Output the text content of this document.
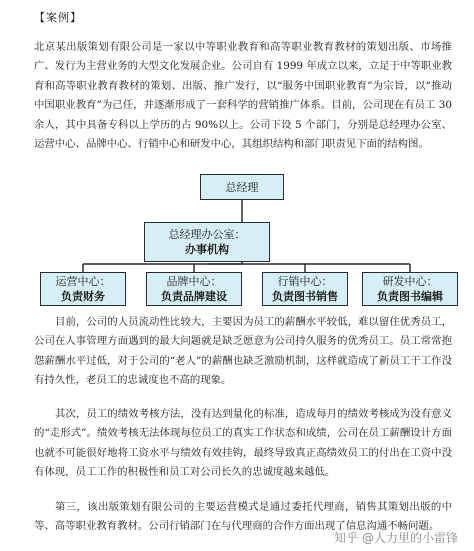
【案例】
北京某出版策划有限公司是一家以中等职业教育和高等职业教育教材的策划出版、市场推广、发行为主营业务的大型文化发展企业。公司自有 1999 年成立以来，立足于中等职业教育和高等职业教育教材的策划、出版、推广发行，以“服务中国职业教育”为宗旨，以“推动中国职业教育”为己任，并逐渐形成了一套科学的营销推广体系。目前，公司现在有员工 30 余人，其中具备专科以上学历的占 90%以上。公司下设 5 个部门，分别是总经理办公室、运营中心、品牌中心、行销中心和研发中心，其组织结构和部门职责见下面的结构图。
总经理
总经理办公室：
办事机构
运营中心：
负责财务
品牌中心：
负责品牌建设
行销中心：
负责图书销售
研发中心：
负责图书编辑
目前，公司的人员流动性比较大，主要因为员工的薪酬水平较低，难以留住优秀员工，公司在人事管理方面遇到的最大问题就是缺乏愿意为公司持久服务的优秀员工。员工常常抱怨薪酬水平过低，对于公司的“老人”的薪酬也缺乏激励机制，这样就造成了新员工干工作没有持久性，老员工的忠诚度也不高的现象。
其次，员工的绩效考核方法，没有达到量化的标准，造成每月的绩效考核成为没有意义的“走形式”。绩效考核无法体现每位员工的真实工作状态和成绩，公司在员工薪酬设计方面也就不可能很好地将工资水平与绩效有效挂钩，最终导致真正高绩效员工的付出在工资中没有体现，员工工作的积极性和员工对公司长久的忠诚度越来越低。
第三，该出版策划有限公司的主要运营模式是通过委托代理商，销售其策划出版的中等、高等职业教育教材。公司行销部门在与代理商的合作方面出现了信息沟通不畅问题。
知乎 @人力里的小雷锋
